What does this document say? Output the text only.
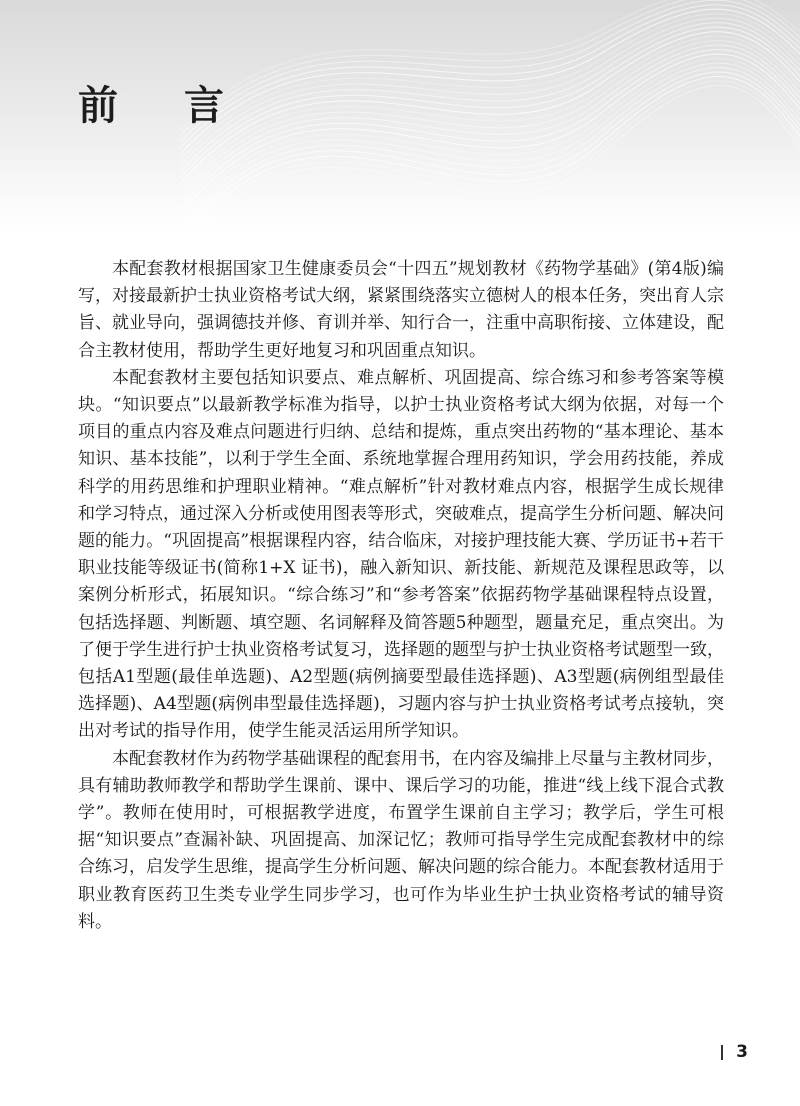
前言

本配套教材根据国家卫生健康委员会“十四五”规划教材《药物学基础》(第4版)编写，对接最新护士执业资格考试大纲，紧紧围绕落实立德树人的根本任务，突出育人宗旨、就业导向，强调德技并修、育训并举、知行合一，注重中高职衔接、立体建设，配合主教材使用，帮助学生更好地复习和巩固重点知识。

本配套教材主要包括知识要点、难点解析、巩固提高、综合练习和参考答案等模块。“知识要点”以最新教学标准为指导，以护士执业资格考试大纲为依据，对每一个项目的重点内容及难点问题进行归纳、总结和提炼，重点突出药物的“基本理论、基本知识、基本技能”，以利于学生全面、系统地掌握合理用药知识，学会用药技能，养成科学的用药思维和护理职业精神。“难点解析”针对教材难点内容，根据学生成长规律和学习特点，通过深入分析或使用图表等形式，突破难点，提高学生分析问题、解决问题的能力。“巩固提高”根据课程内容，结合临床，对接护理技能大赛、学历证书+若干职业技能等级证书(简称1+X 证书)，融入新知识、新技能、新规范及课程思政等，以案例分析形式，拓展知识。“综合练习”和“参考答案”依据药物学基础课程特点设置，包括选择题、判断题、填空题、名词解释及简答题5种题型，题量充足，重点突出。为了便于学生进行护士执业资格考试复习，选择题的题型与护士执业资格考试题型一致，包括A1型题(最佳单选题)、A2型题(病例摘要型最佳选择题)、A3型题(病例组型最佳选择题)、A4型题(病例串型最佳选择题)，习题内容与护士执业资格考试考点接轨，突出对考试的指导作用，使学生能灵活运用所学知识。

本配套教材作为药物学基础课程的配套用书，在内容及编排上尽量与主教材同步，具有辅助教师教学和帮助学生课前、课中、课后学习的功能，推进“线上线下混合式教学”。教师在使用时，可根据教学进度，布置学生课前自主学习；教学后，学生可根据“知识要点”查漏补缺、巩固提高、加深记忆；教师可指导学生完成配套教材中的综合练习，启发学生思维，提高学生分析问题、解决问题的综合能力。本配套教材适用于职业教育医药卫生类专业学生同步学习，也可作为毕业生护士执业资格考试的辅导资料。

3
